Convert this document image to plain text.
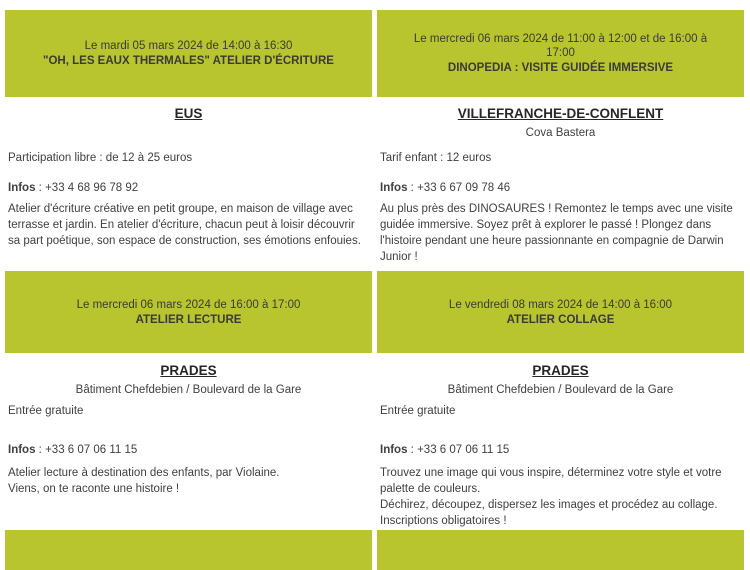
Le mardi 05 mars 2024 de 14:00 à 16:30
"OH, LES EAUX THERMALES" ATELIER D'ÉCRITURE
EUS
Participation libre : de 12 à 25 euros
Infos : +33 4 68 96 78 92
Atelier d'écriture créative en petit groupe, en maison de village avec terrasse et jardin. En atelier d'écriture, chacun peut à loisir découvrir sa part poétique, son espace de construction, ses émotions enfouies.
Le mercredi 06 mars 2024 de 16:00 à 17:00
ATELIER LECTURE
PRADES
Bâtiment Chefdebien / Boulevard de la Gare
Entrée gratuite
Infos : +33 6 07 06 11 15
Atelier lecture à destination des enfants, par Violaine.
Viens, on te raconte une histoire !
Le mercredi 06 mars 2024 de 11:00 à 12:00 et de 16:00 à 17:00
DINOPEDIA : VISITE GUIDÉE IMMERSIVE
VILLEFRANCHE-DE-CONFLENT
Cova Bastera
Tarif enfant : 12 euros
Infos : +33 6 67 09 78 46
Au plus près des DINOSAURES ! Remontez le temps avec une visite guidée immersive. Soyez prêt à explorer le passé ! Plongez dans l'histoire pendant une heure passionnante en compagnie de Darwin Junior !
Le vendredi 08 mars 2024 de 14:00 à 16:00
ATELIER COLLAGE
PRADES
Bâtiment Chefdebien / Boulevard de la Gare
Entrée gratuite
Infos : +33 6 07 06 11 15
Trouvez une image qui vous inspire, déterminez votre style et votre palette de couleurs.
Déchirez, découpez, dispersez les images et procédez au collage.
Inscriptions obligatoires !
